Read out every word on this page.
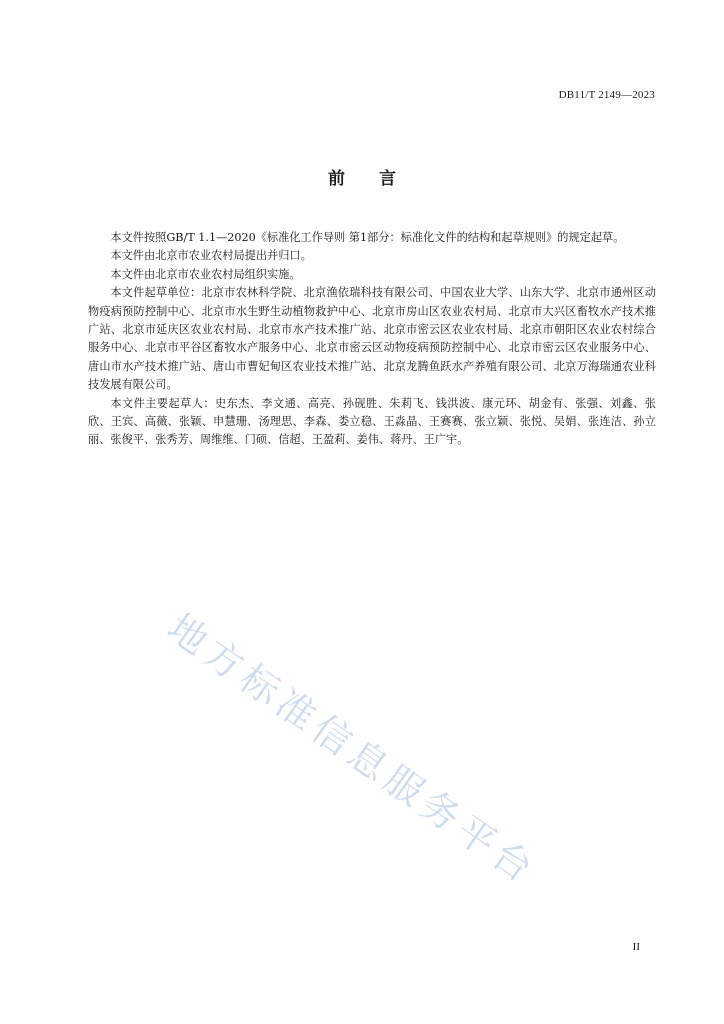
DB11/T 2149—2023
前 言

本文件按照GB/T 1.1—2020《标准化工作导则 第1部分：标准化文件的结构和起草规则》的规定起草。

本文件由北京市农业农村局提出并归口。

本文件由北京市农业农村局组织实施。

本文件起草单位：北京市农林科学院、北京渔依瑞科技有限公司、中国农业大学、山东大学、北京市通州区动物疫病预防控制中心、北京市水生野生动植物救护中心、北京市房山区农业农村局、北京市大兴区畜牧水产技术推广站、北京市延庆区农业农村局、北京市水产技术推广站、北京市密云区农业农村局、北京市朝阳区农业农村综合服务中心、北京市平谷区畜牧水产服务中心、北京市密云区动物疫病预防控制中心、北京市密云区农业服务中心、唐山市水产技术推广站、唐山市曹妃甸区农业技术推广站、北京龙腾鱼跃水产养殖有限公司、北京万海瑞通农业科技发展有限公司。

本文件主要起草人：史东杰、李文通、高亮、孙砚胜、朱莉飞、钱洪波、康元环、胡金有、张强、刘鑫、张欣、王宾、高薇、张颖、申慧珊、汤理思、李森、娄立稳、王淼晶、王赛赛、张立颖、张悦、吴娟、张连洁、孙立丽、张俊平、张秀芳、周维维、门硕、信超、王盈莉、姜伟、蒋丹、王广宇。

地方标准信息服务平台
II
